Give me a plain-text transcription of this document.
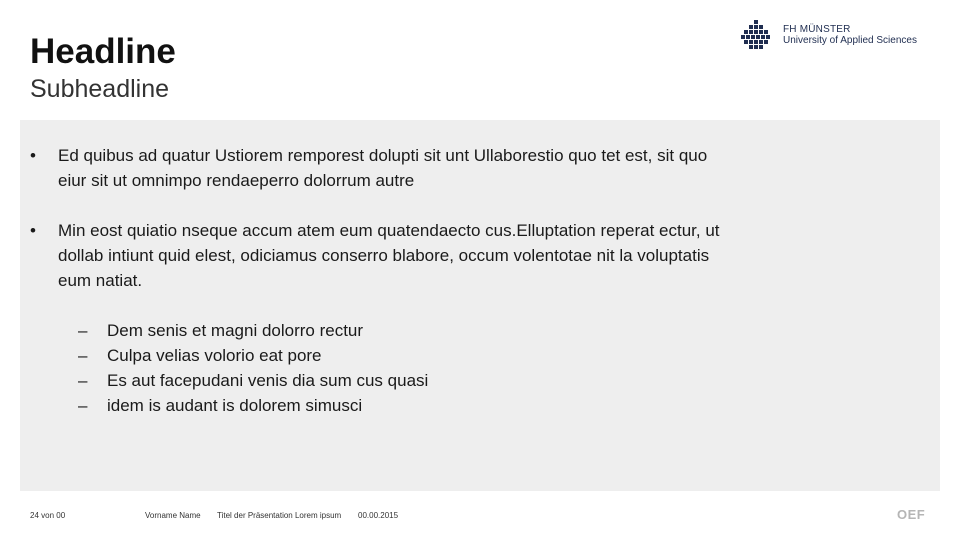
Headline
Subheadline
FH MÜNSTER
University of Applied Sciences
•	Ed quibus ad quatur Ustiorem remporest dolupti sit unt Ullaborestio quo tet est, sit quo eiur sit ut omnimpo rendaeperro dolorrum autre
•	Min eost quiatio nseque accum atem eum quatendaecto cus.Elluptation reperat ectur, ut dollab intiunt quid elest, odiciamus conserro blabore, occum volentotae nit la voluptatis eum natiat.
– Dem senis et magni dolorro rectur
– Culpa velias volorio eat pore
– Es aut facepudani venis dia sum cus quasi
– idem is audant is dolorem simusci
24 von 00	Vorname Name Titel der Präsentation Lorem ipsum 00.00.2015	OEF
